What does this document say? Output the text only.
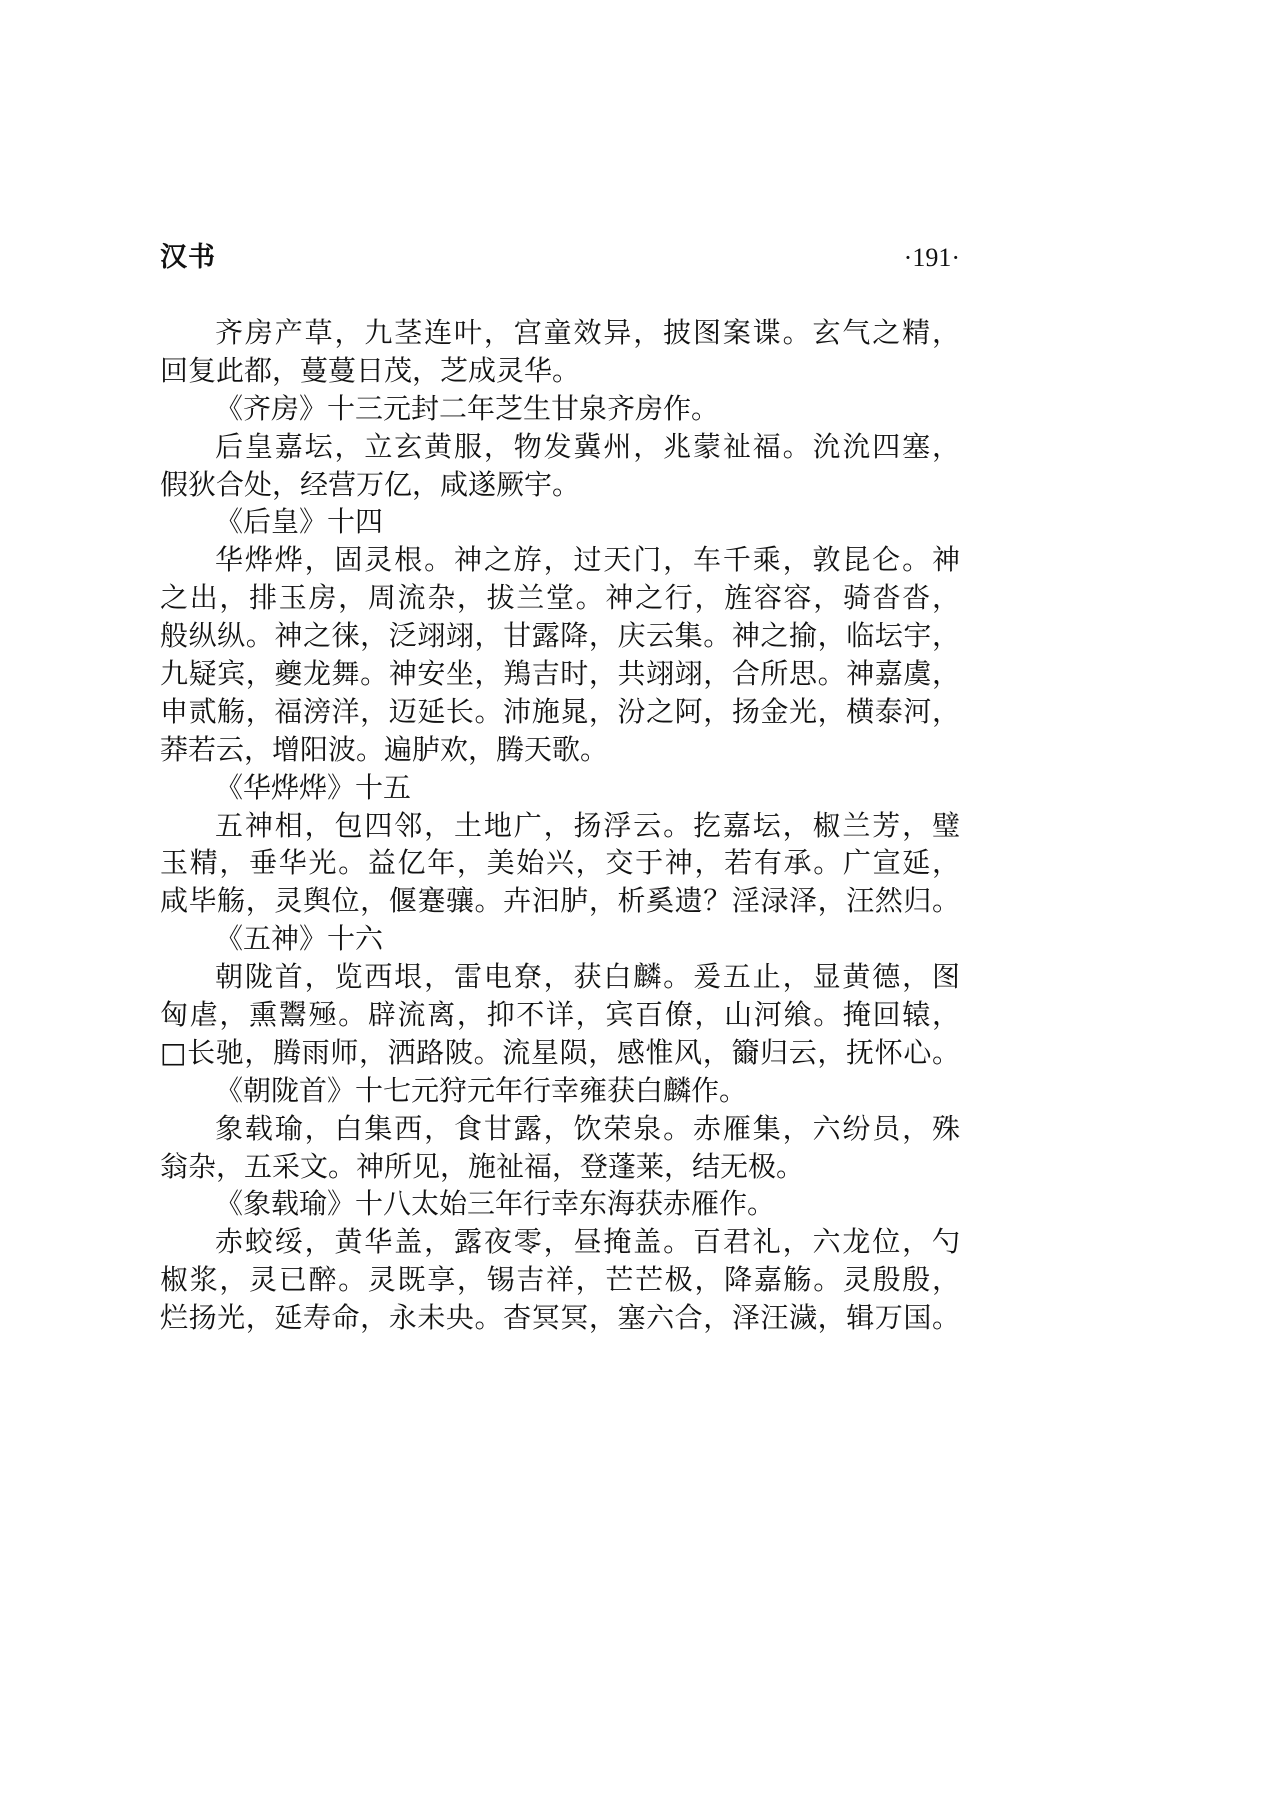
汉书	·191·
齐房产草，九茎连叶，宫童效异，披图案谍。玄气之精，
回复此都，蔓蔓日茂，芝成灵华。
《齐房》十三元封二年芝生甘泉齐房作。
后皇嘉坛，立玄黄服，物发冀州，兆蒙祉福。沇沇四塞，
假狄合处，经营万亿，咸遂厥宇。
《后皇》十四
华烨烨，固灵根。神之斿，过天门，车千乘，敦昆仑。神
之出，排玉房，周流杂，拔兰堂。神之行，旌容容，骑沓沓，
般纵纵。神之徕，泛翊翊，甘露降，庆云集。神之揄，临坛宇，
九疑宾，夔龙舞。神安坐，鴹吉时，共翊翊，合所思。神嘉虞，
申贰觞，福滂洋，迈延长。沛施晁，汾之阿，扬金光，横泰河，
莽若云，增阳波。遍胪欢，腾天歌。
《华烨烨》十五
五神相，包四邻，土地广，扬浮云。扢嘉坛，椒兰芳，璧
玉精，垂华光。益亿年，美始兴，交于神，若有承。广宣延，
咸毕觞，灵舆位，偃蹇骧。卉汩胪，析奚遗？淫渌泽，汪然归。
《五神》十六
朝陇首，览西垠，雷电尞，获白麟。爰五止，显黄德，图
匈虐，熏鬻殛。辟流离，抑不详，宾百僚，山河飨。掩回辕，
□长驰，腾雨师，洒路陂。流星陨，感惟风，籋归云，抚怀心。
《朝陇首》十七元狩元年行幸雍获白麟作。
象载瑜，白集西，食甘露，饮荣泉。赤雁集，六纷员，殊
翁杂，五采文。神所见，施祉福，登蓬莱，结无极。
《象载瑜》十八太始三年行幸东海获赤雁作。
赤蛟绥，黄华盖，露夜零，昼掩盖。百君礼，六龙位，勺
椒浆，灵已醉。灵既享，锡吉祥，芒芒极，降嘉觞。灵殷殷，
烂扬光，延寿命，永未央。杳冥冥，塞六合，泽汪濊，辑万国。
